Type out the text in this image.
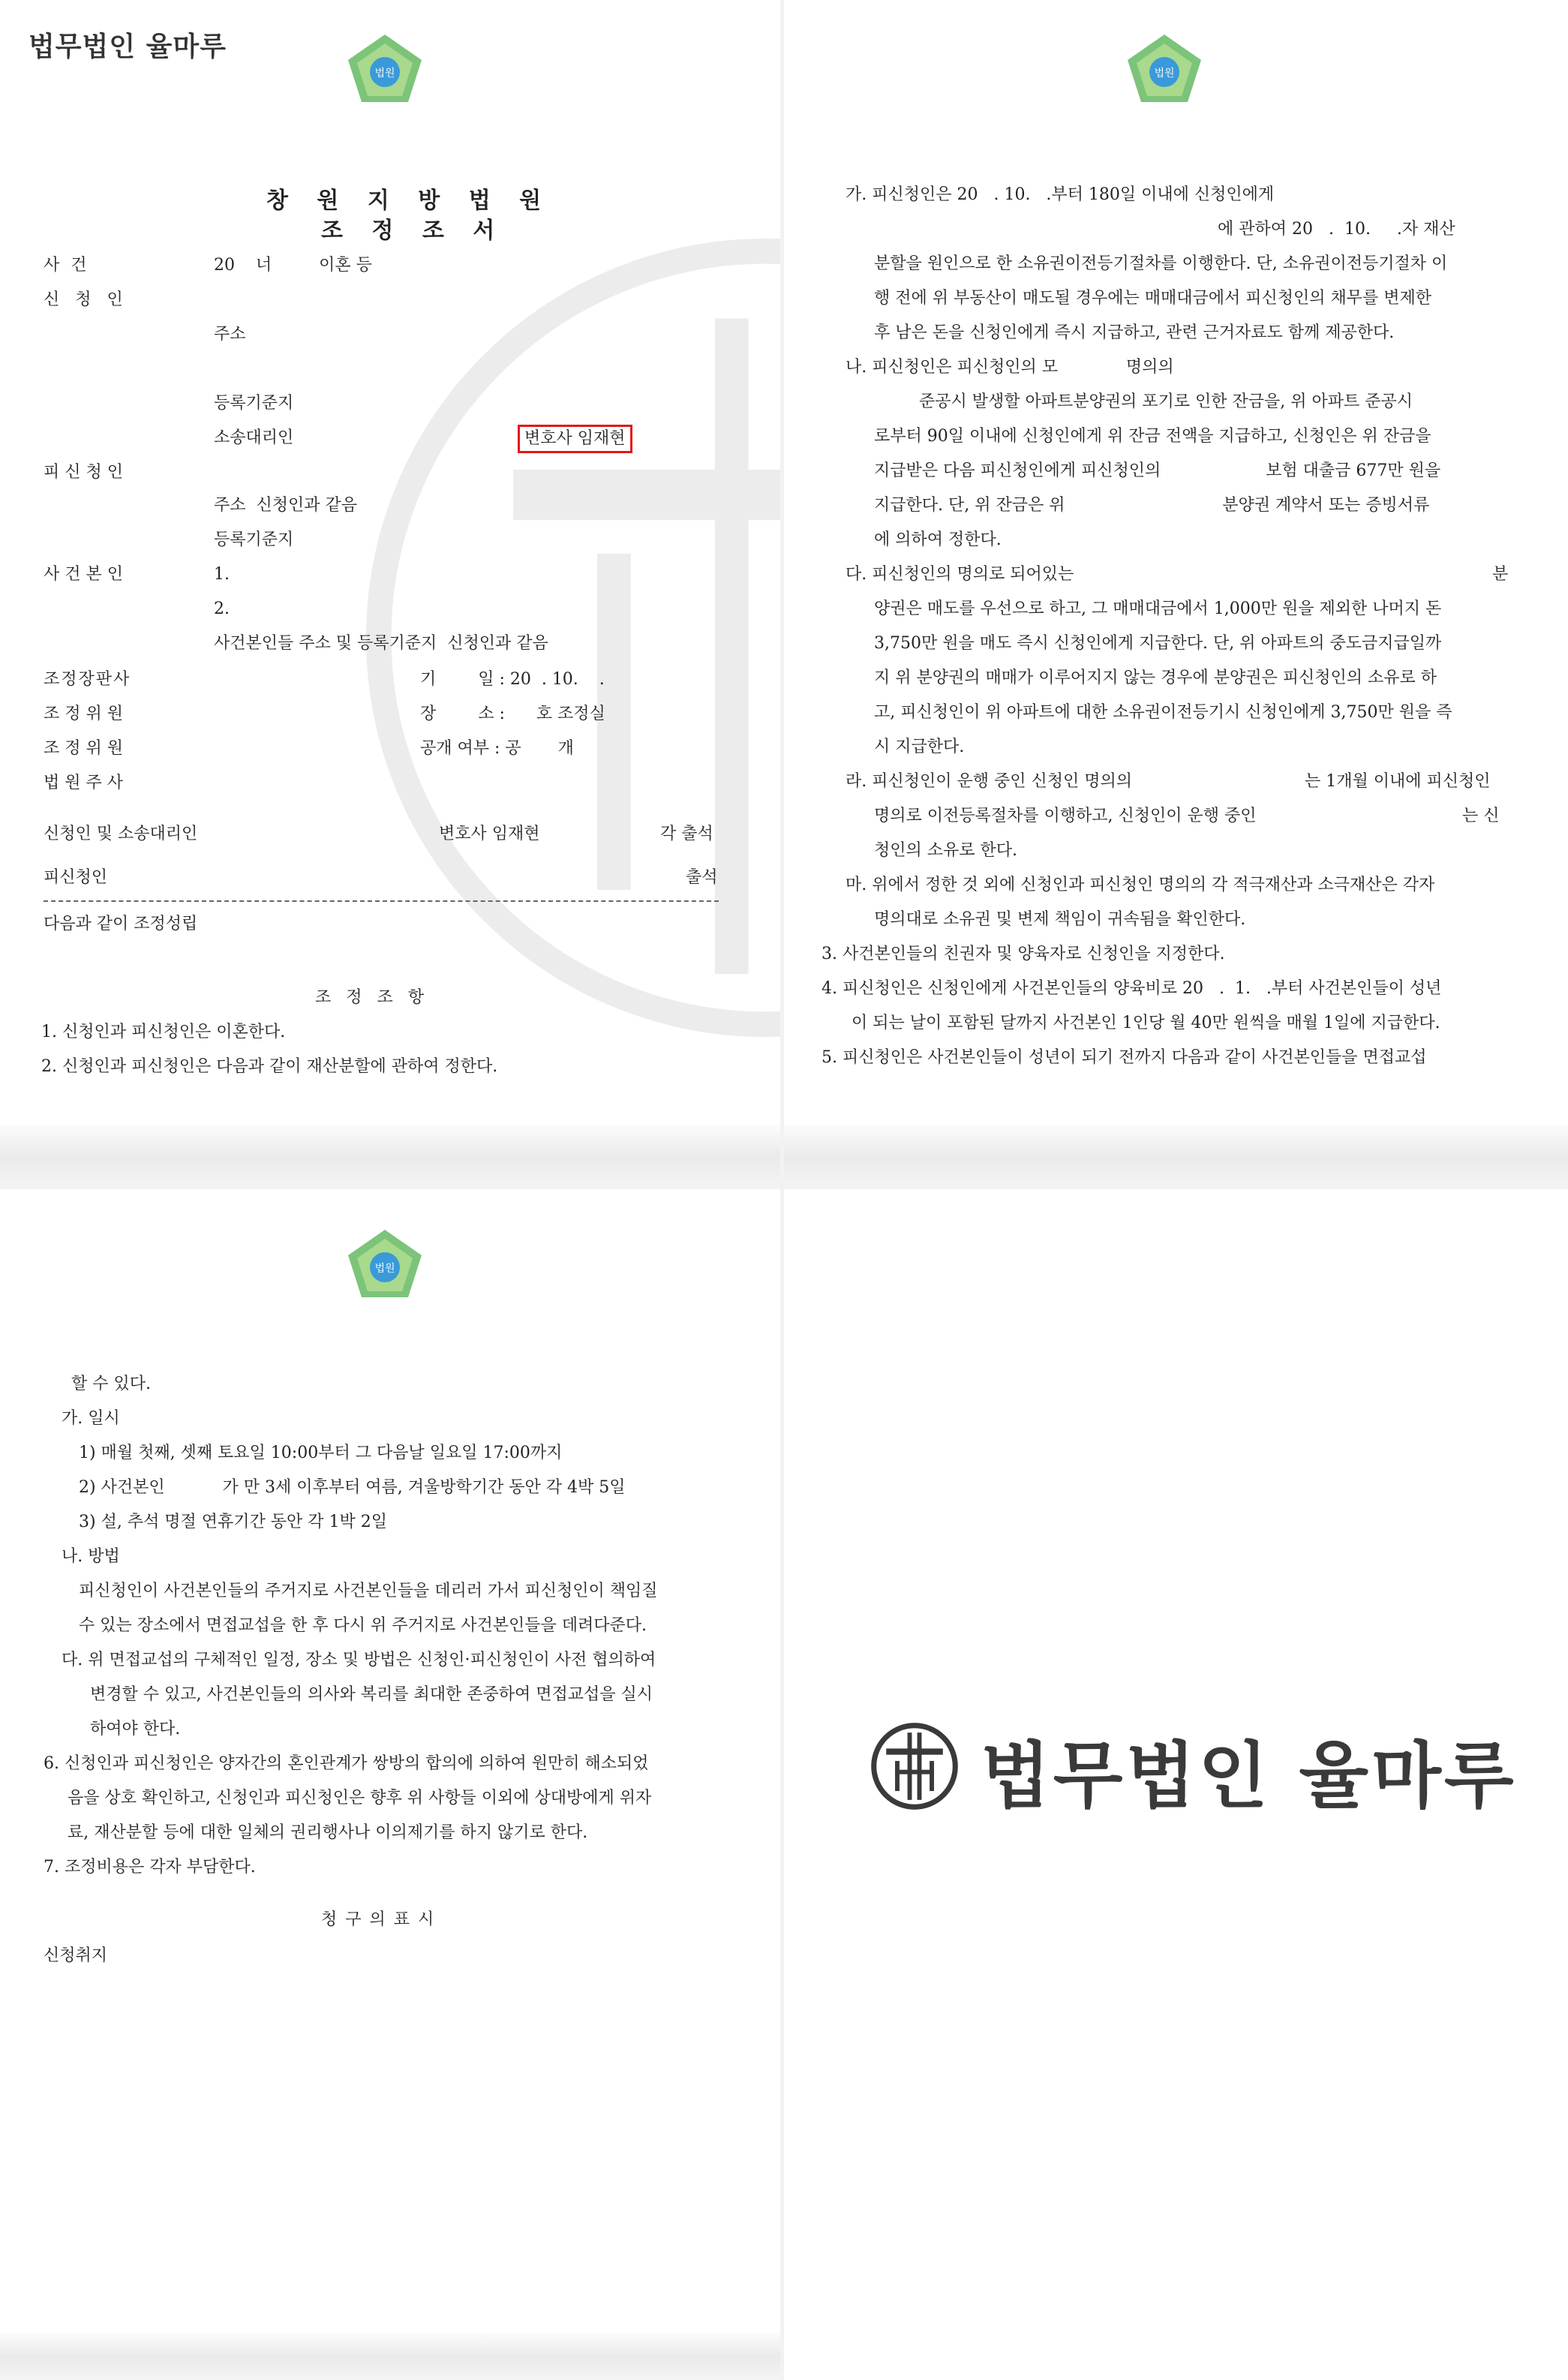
법무법인 율마루
법원
창 원 지 방 법 원
조 정 조 서
사 건	20    너         이혼 등
신   청   인
주소
등록기준지
소송대리인	변호사 임재현
피 신 청 인
주소  신청인과 같음
등록기준지
사 건 본 인	1.
2.
사건본인들 주소 및 등록기준지  신청인과 같음
조정장판사
조 정 위 원
조 정 위 원
법 원 주 사
기        일 : 20  . 10.    .
장        소 :      호 조정실
공개 여부 : 공       개
신청인 및 소송대리인	변호사 임재현	각 출석
피신청인	출석
다음과 같이 조정성립
조  정  조  항
1. 신청인과 피신청인은 이혼한다.
2. 신청인과 피신청인은 다음과 같이 재산분할에 관하여 정한다.
법원
가. 피신청인은 20   . 10.   .부터 180일 이내에 신청인에게
에 관하여 20   .  10.     .자 재산
분할을 원인으로 한 소유권이전등기절차를 이행한다. 단, 소유권이전등기절차 이
행 전에 위 부동산이 매도될 경우에는 매매대금에서 피신청인의 채무를 변제한
후 남은 돈을 신청인에게 즉시 지급하고, 관련 근거자료도 함께 제공한다.
나. 피신청인은 피신청인의 모             명의의
준공시 발생할 아파트분양권의 포기로 인한 잔금을, 위 아파트 준공시
로부터 90일 이내에 신청인에게 위 잔금 전액을 지급하고, 신청인은 위 잔금을
지급받은 다음 피신청인에게 피신청인의                    보험 대출금 677만 원을
지급한다. 단, 위 잔금은 위                              분양권 계약서 또는 증빙서류
에 의하여 정한다.
다. 피신청인의 명의로 되어있는	분
양권은 매도를 우선으로 하고, 그 매매대금에서 1,000만 원을 제외한 나머지 돈
3,750만 원을 매도 즉시 신청인에게 지급한다. 단, 위 아파트의 중도금지급일까
지 위 분양권의 매매가 이루어지지 않는 경우에 분양권은 피신청인의 소유로 하
고, 피신청인이 위 아파트에 대한 소유권이전등기시 신청인에게 3,750만 원을 즉
시 지급한다.
라. 피신청인이 운행 중인 신청인 명의의	는 1개월 이내에 피신청인
명의로 이전등록절차를 이행하고, 신청인이 운행 중인	는 신
청인의 소유로 한다.
마. 위에서 정한 것 외에 신청인과 피신청인 명의의 각 적극재산과 소극재산은 각자
명의대로 소유권 및 변제 책임이 귀속됨을 확인한다.
3. 사건본인들의 친권자 및 양육자로 신청인을 지정한다.
4. 피신청인은 신청인에게 사건본인들의 양육비로 20   .  1.   .부터 사건본인들이 성년
이 되는 날이 포함된 달까지 사건본인 1인당 월 40만 원씩을 매월 1일에 지급한다.
5. 피신청인은 사건본인들이 성년이 되기 전까지 다음과 같이 사건본인들을 면접교섭
법원
할 수 있다.
가. 일시
1) 매월 첫째, 셋째 토요일 10:00부터 그 다음날 일요일 17:00까지
2) 사건본인           가 만 3세 이후부터 여름, 겨울방학기간 동안 각 4박 5일
3) 설, 추석 명절 연휴기간 동안 각 1박 2일
나. 방법
피신청인이 사건본인들의 주거지로 사건본인들을 데리러 가서 피신청인이 책임질
수 있는 장소에서 면접교섭을 한 후 다시 위 주거지로 사건본인들을 데려다준다.
다. 위 면접교섭의 구체적인 일정, 장소 및 방법은 신청인·피신청인이 사전 협의하여
변경할 수 있고, 사건본인들의 의사와 복리를 최대한 존중하여 면접교섭을 실시
하여야 한다.
6. 신청인과 피신청인은 양자간의 혼인관계가 쌍방의 합의에 의하여 원만히 해소되었
음을 상호 확인하고, 신청인과 피신청인은 향후 위 사항들 이외에 상대방에게 위자
료, 재산분할 등에 대한 일체의 권리행사나 이의제기를 하지 않기로 한다.
7. 조정비용은 각자 부담한다.
청 구 의 표 시
신청취지
법무법인 율마루
